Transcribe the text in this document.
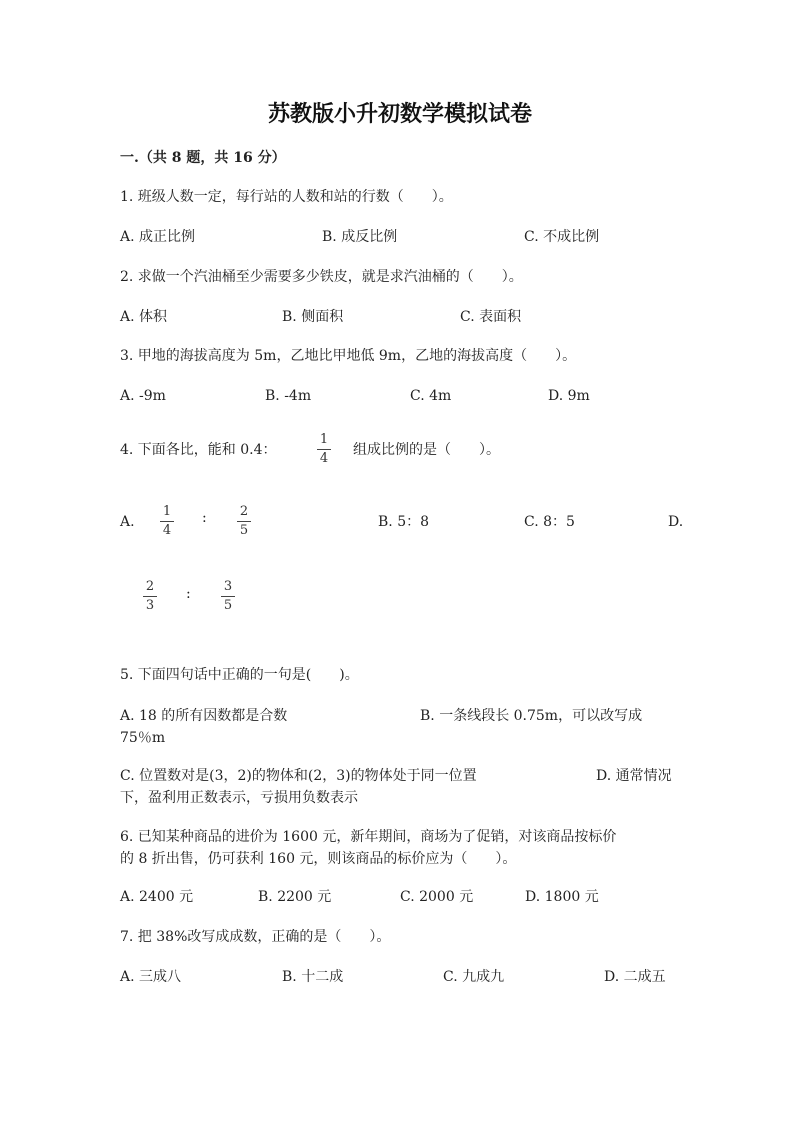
苏教版小升初数学模拟试卷
一.（共 8 题，共 16 分）
1. 班级人数一定，每行站的人数和站的行数（　　）。
A. 成正比例	B. 成反比例	C. 不成比例
2. 求做一个汽油桶至少需要多少铁皮，就是求汽油桶的（　　）。
A. 体积	B. 侧面积	C. 表面积
3. 甲地的海拔高度为 5m，乙地比甲地低 9m，乙地的海拔高度（　　）。
A. -9m	B. -4m	C. 4m	D. 9m
4. 下面各比，能和 0.4：
1
4
组成比例的是（　　）。
A.
1
4
:	2
5
B. 5：8	C. 8：5	D.
2
3
:	3
5
5. 下面四句话中正确的一句是(　　)。
A. 18 的所有因数都是合数	B. 一条线段长 0.75m，可以改写成
75％m
C. 位置数对是(3，2)的物体和(2，3)的物体处于同一位置	D. 通常情况
下，盈利用正数表示，亏损用负数表示
6. 已知某种商品的进价为 1600 元，新年期间，商场为了促销，对该商品按标价
的 8 折出售，仍可获利 160 元，则该商品的标价应为（　　）。
A. 2400 元	B. 2200 元	C. 2000 元	D. 1800 元
7. 把 38%改写成成数，正确的是（　　）。
A. 三成八	B. 十二成	C. 九成九	D. 二成五
